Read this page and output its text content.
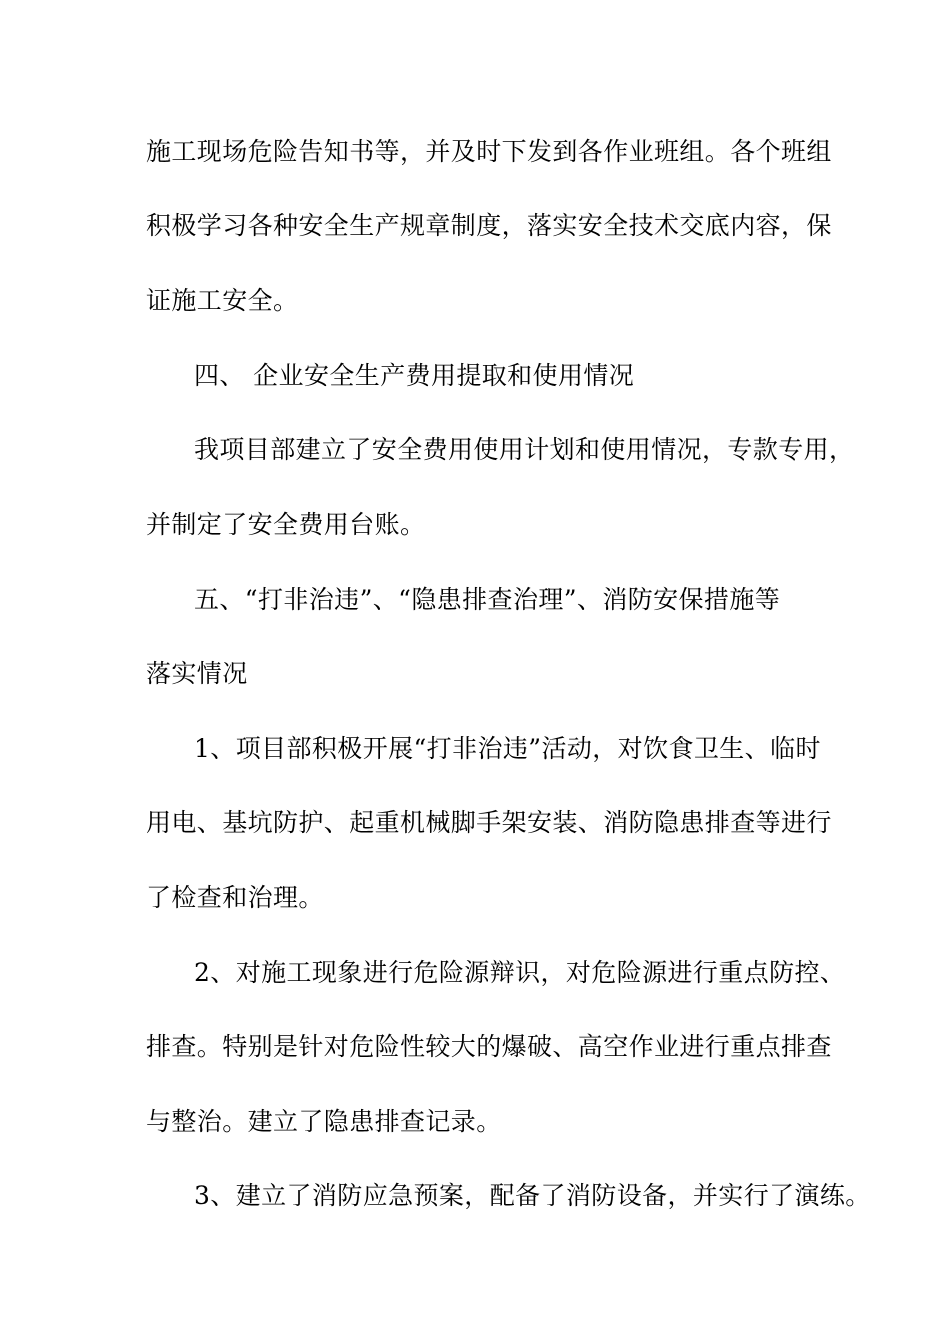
施工现场危险告知书等，并及时下发到各作业班组。各个班组
积极学习各种安全生产规章制度，落实安全技术交底内容，保
证施工安全。
四、 企业安全生产费用提取和使用情况
我项目部建立了安全费用使用计划和使用情况，专款专用，
并制定了安全费用台账。
五、“打非治违”、“隐患排查治理”、消防安保措施等
落实情况
1、项目部积极开展“打非治违”活动，对饮食卫生、临时
用电、基坑防护、起重机械脚手架安装、消防隐患排查等进行
了检查和治理。
2、对施工现象进行危险源辩识，对危险源进行重点防控、
排查。特别是针对危险性较大的爆破、高空作业进行重点排查
与整治。建立了隐患排查记录。
3、建立了消防应急预案，配备了消防设备，并实行了演练。
